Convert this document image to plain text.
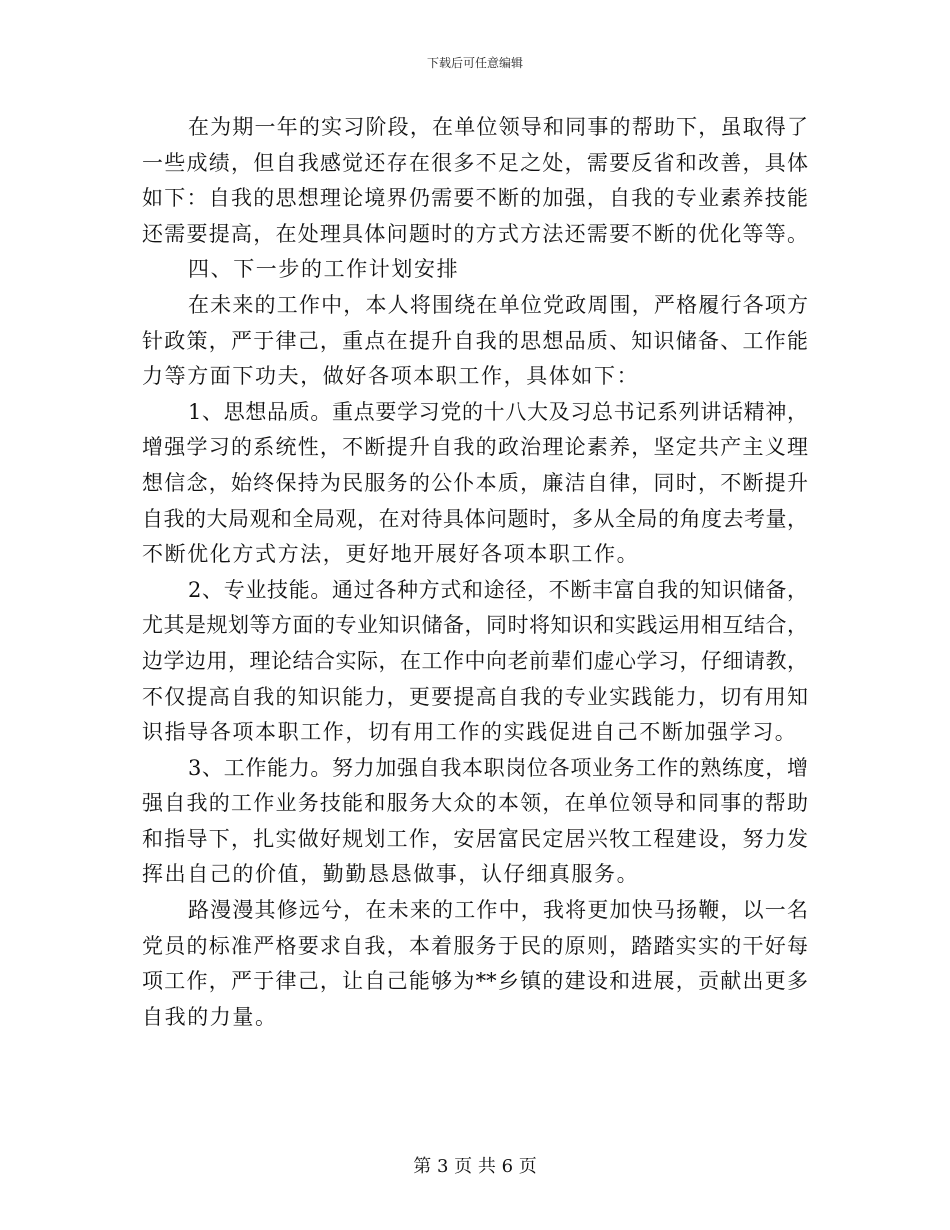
下载后可任意编辑
在为期一年的实习阶段，在单位领导和同事的帮助下，虽取得了
一些成绩，但自我感觉还存在很多不足之处，需要反省和改善，具体
如下：自我的思想理论境界仍需要不断的加强，自我的专业素养技能
还需要提高，在处理具体问题时的方式方法还需要不断的优化等等。
四、下一步的工作计划安排
在未来的工作中，本人将围绕在单位党政周围，严格履行各项方
针政策，严于律己，重点在提升自我的思想品质、知识储备、工作能
力等方面下功夫，做好各项本职工作，具体如下：
1、思想品质。重点要学习党的十八大及习总书记系列讲话精神，
增强学习的系统性，不断提升自我的政治理论素养，坚定共产主义理
想信念，始终保持为民服务的公仆本质，廉洁自律，同时，不断提升
自我的大局观和全局观，在对待具体问题时，多从全局的角度去考量，
不断优化方式方法，更好地开展好各项本职工作。
2、专业技能。通过各种方式和途径，不断丰富自我的知识储备，
尤其是规划等方面的专业知识储备，同时将知识和实践运用相互结合，
边学边用，理论结合实际，在工作中向老前辈们虚心学习，仔细请教，
不仅提高自我的知识能力，更要提高自我的专业实践能力，切有用知
识指导各项本职工作，切有用工作的实践促进自己不断加强学习。
3、工作能力。努力加强自我本职岗位各项业务工作的熟练度，增
强自我的工作业务技能和服务大众的本领，在单位领导和同事的帮助
和指导下，扎实做好规划工作，安居富民定居兴牧工程建设，努力发
挥出自己的价值，勤勤恳恳做事，认仔细真服务。
路漫漫其修远兮，在未来的工作中，我将更加快马扬鞭，以一名
党员的标准严格要求自我，本着服务于民的原则，踏踏实实的干好每
项工作，严于律己，让自己能够为**乡镇的建设和进展，贡献出更多
自我的力量。
第 3 页 共 6 页
